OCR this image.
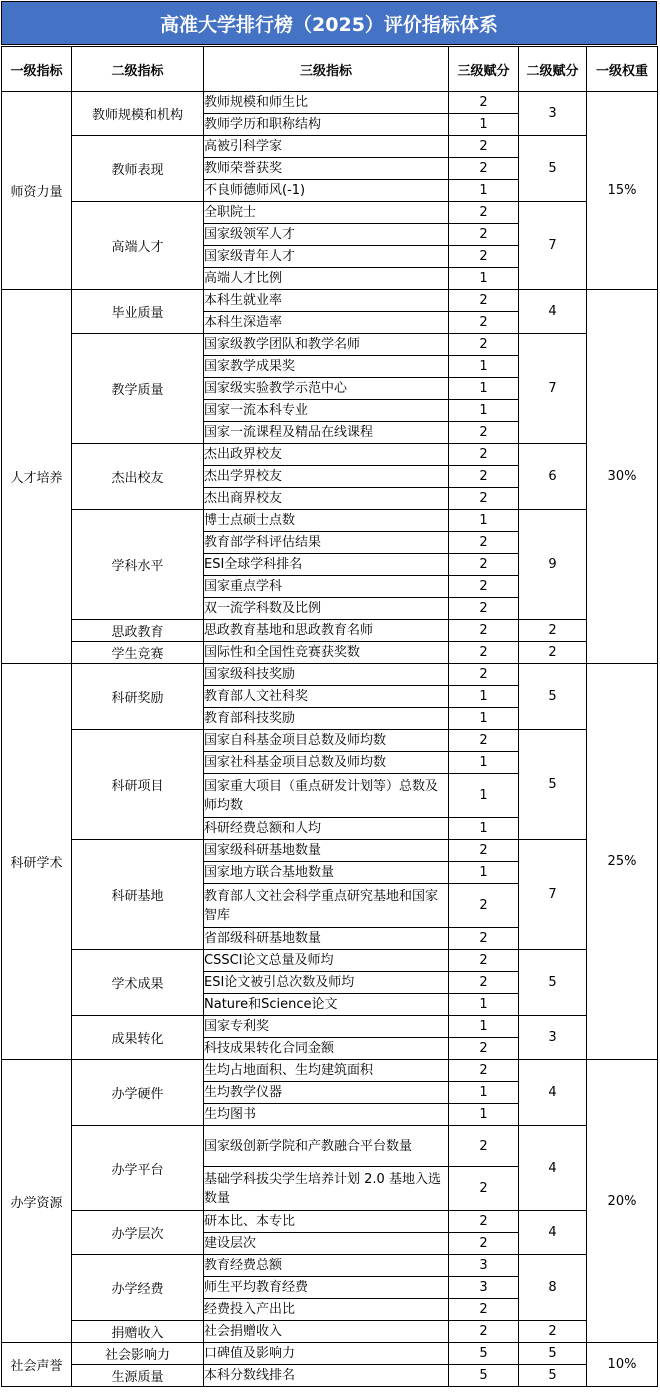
高准大学排行榜（2025）评价指标体系
一级指标	二级指标	三级指标	三级赋分	二级赋分	一级权重
师资力量	教师规模和机构	教师规模和师生比	2	3	15%
		教师学历和职称结构	1		
	教师表现	高被引科学家	2	5	
		教师荣誉获奖	2		
		不良师德师风(-1)	1		
	高端人才	全职院士	2	7	
		国家级领军人才	2		
		国家级青年人才	2		
		高端人才比例	1		
人才培养	毕业质量	本科生就业率	2	4	30%
		本科生深造率	2		
	教学质量	国家级教学团队和教学名师	2	7	
		国家教学成果奖	1		
		国家级实验教学示范中心	1		
		国家一流本科专业	1		
		国家一流课程及精品在线课程	2		
	杰出校友	杰出政界校友	2	6	
		杰出学界校友	2		
		杰出商界校友	2		
	学科水平	博士点硕士点数	1	9	
		教育部学科评估结果	2		
		ESI全球学科排名	2		
		国家重点学科	2		
		双一流学科数及比例	2		
	思政教育	思政教育基地和思政教育名师	2	2	
	学生竞赛	国际性和全国性竞赛获奖数	2	2	
科研学术	科研奖励	国家级科技奖励	2	5	25%
		教育部人文社科奖	1		
		教育部科技奖励	1		
	科研项目	国家自科基金项目总数及师均数	2	5	
		国家社科基金项目总数及师均数	1		
		国家重大项目（重点研发计划等）总数及师均数	1		
		科研经费总额和人均	1		
	科研基地	国家级科研基地数量	2	7	
		国家地方联合基地数量	1		
		教育部人文社会科学重点研究基地和国家智库	2		
		省部级科研基地数量	2		
	学术成果	CSSCI论文总量及师均	2	5	
		ESI论文被引总次数及师均	2		
		Nature和Science论文	1		
	成果转化	国家专利奖	1	3	
		科技成果转化合同金额	2		
办学资源	办学硬件	生均占地面积、生均建筑面积	2	4	20%
		生均教学仪器	1		
		生均图书	1		
	办学平台	国家级创新学院和产教融合平台数量	2	4	
		基础学科拔尖学生培养计划 2.0 基地入选数量	2		
	办学层次	研本比、本专比	2	4	
		建设层次	2		
	办学经费	教育经费总额	3	8	
		师生平均教育经费	3		
		经费投入产出比	2		
	捐赠收入	社会捐赠收入	2	2	
社会声誉	社会影响力	口碑值及影响力	5	5	10%
	生源质量	本科分数线排名	5	5	
